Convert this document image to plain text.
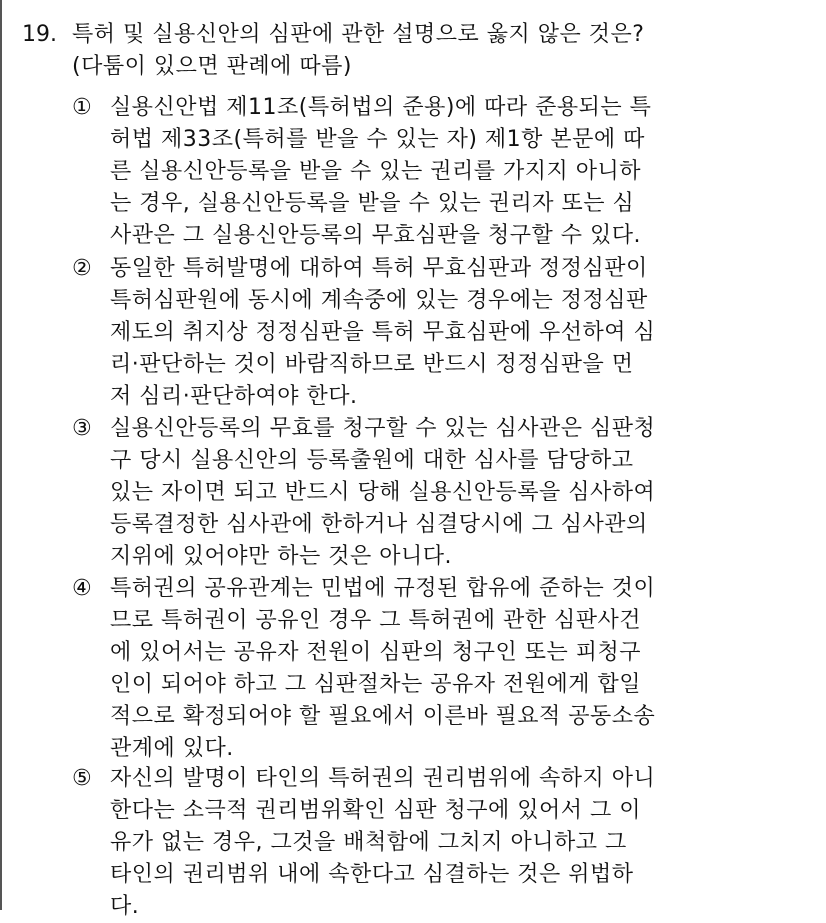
19. 특허 및 실용신안의 심판에 관한 설명으로 옳지 않은 것은?
(다툼이 있으면 판례에 따름)
① 실용신안법 제11조(특허법의 준용)에 따라 준용되는 특
허법 제33조(특허를 받을 수 있는 자) 제1항 본문에 따
른 실용신안등록을 받을 수 있는 권리를 가지지 아니하
는 경우, 실용신안등록을 받을 수 있는 권리자 또는 심
사관은 그 실용신안등록의 무효심판을 청구할 수 있다.
② 동일한 특허발명에 대하여 특허 무효심판과 정정심판이
특허심판원에 동시에 계속중에 있는 경우에는 정정심판
제도의 취지상 정정심판을 특허 무효심판에 우선하여 심
리·판단하는 것이 바람직하므로 반드시 정정심판을 먼
저 심리·판단하여야 한다.
③ 실용신안등록의 무효를 청구할 수 있는 심사관은 심판청
구 당시 실용신안의 등록출원에 대한 심사를 담당하고
있는 자이면 되고 반드시 당해 실용신안등록을 심사하여
등록결정한 심사관에 한하거나 심결당시에 그 심사관의
지위에 있어야만 하는 것은 아니다.
④ 특허권의 공유관계는 민법에 규정된 합유에 준하는 것이
므로 특허권이 공유인 경우 그 특허권에 관한 심판사건
에 있어서는 공유자 전원이 심판의 청구인 또는 피청구
인이 되어야 하고 그 심판절차는 공유자 전원에게 합일
적으로 확정되어야 할 필요에서 이른바 필요적 공동소송
관계에 있다.
⑤ 자신의 발명이 타인의 특허권의 권리범위에 속하지 아니
한다는 소극적 권리범위확인 심판 청구에 있어서 그 이
유가 없는 경우, 그것을 배척함에 그치지 아니하고 그
타인의 권리범위 내에 속한다고 심결하는 것은 위법하
다.
